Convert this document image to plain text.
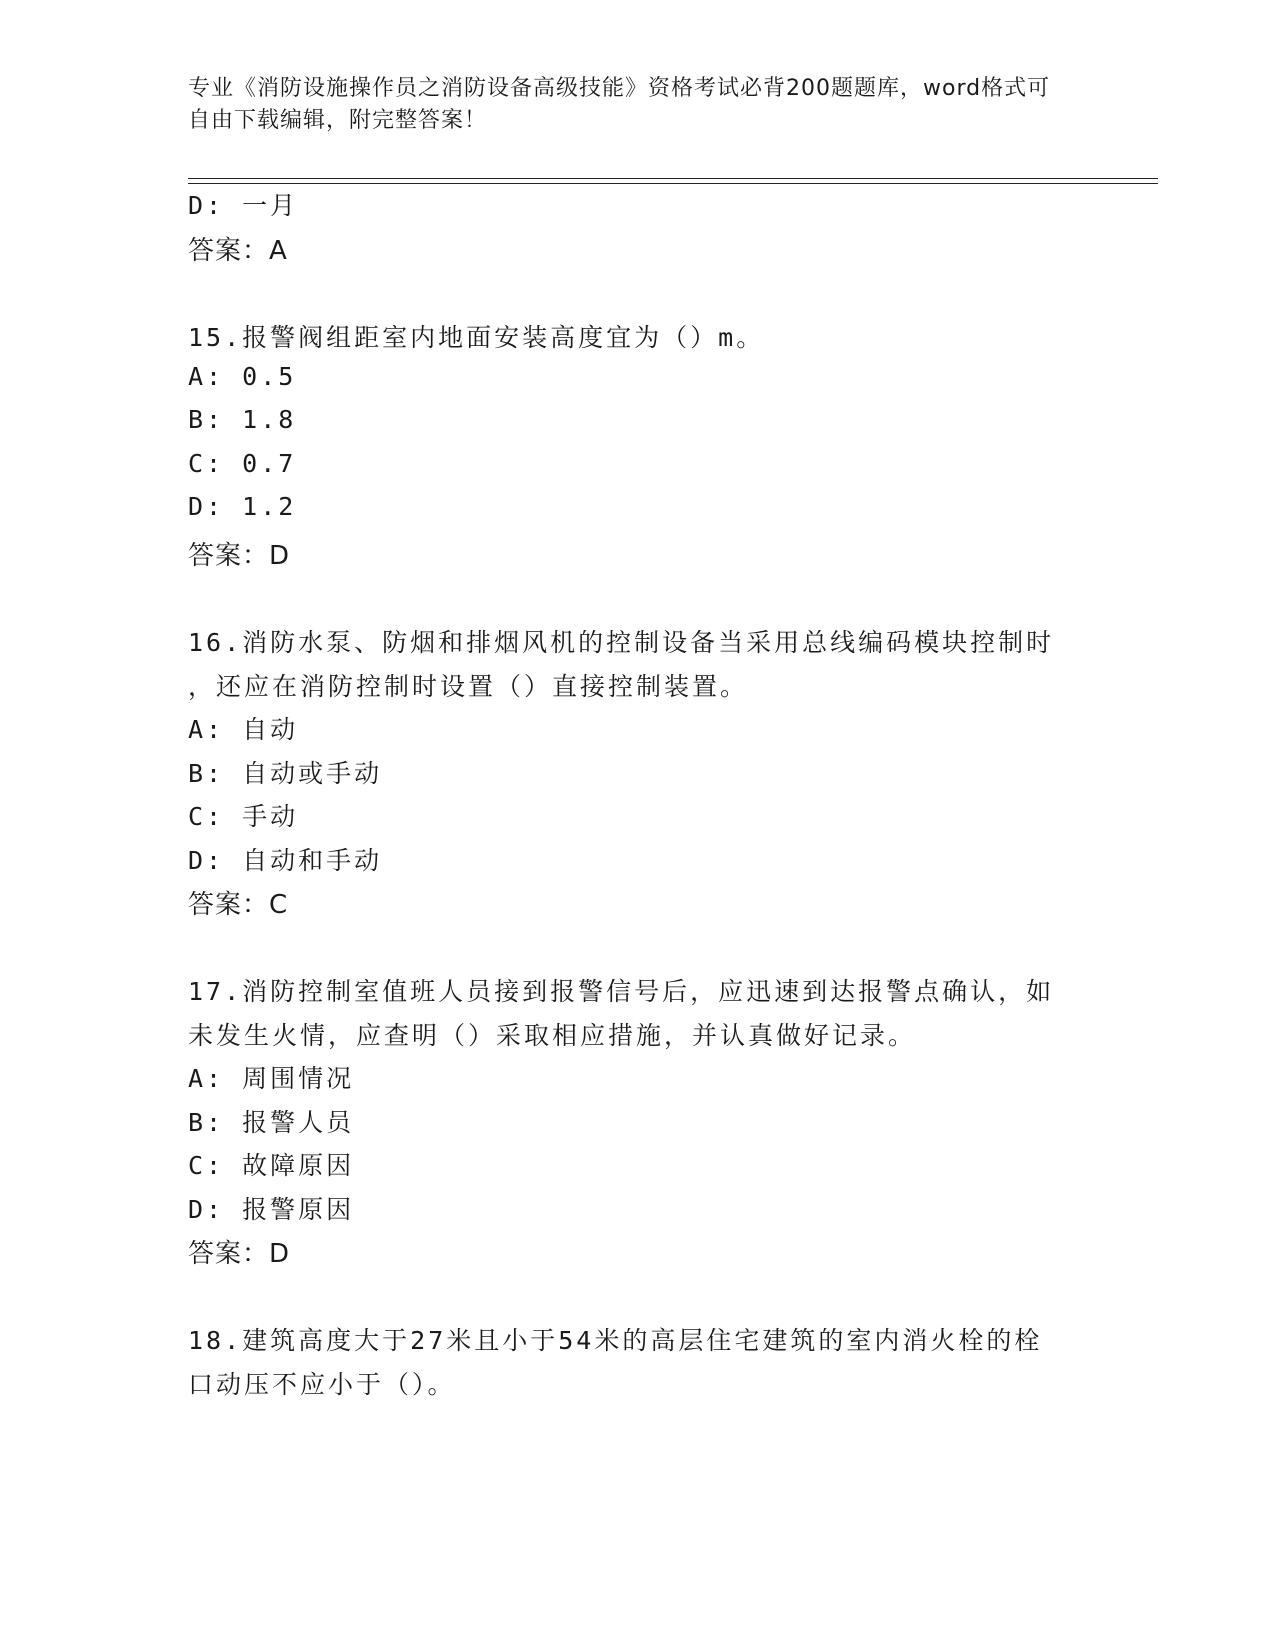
专业《消防设施操作员之消防设备高级技能》资格考试必背200题题库，word格式可自由下载编辑，附完整答案！
D: 一月
答案：A
15.报警阀组距室内地面安装高度宜为（）m。
A: 0.5
B: 1.8
C: 0.7
D: 1.2
答案：D
16.消防水泵、防烟和排烟风机的控制设备当采用总线编码模块控制时
，还应在消防控制时设置（）直接控制装置。
A: 自动
B: 自动或手动
C: 手动
D: 自动和手动
答案：C
17.消防控制室值班人员接到报警信号后，应迅速到达报警点确认，如
未发生火情，应查明（）采取相应措施，并认真做好记录。
A: 周围情况
B: 报警人员
C: 故障原因
D: 报警原因
答案：D
18.建筑高度大于27米且小于54米的高层住宅建筑的室内消火栓的栓
口动压不应小于（）。
